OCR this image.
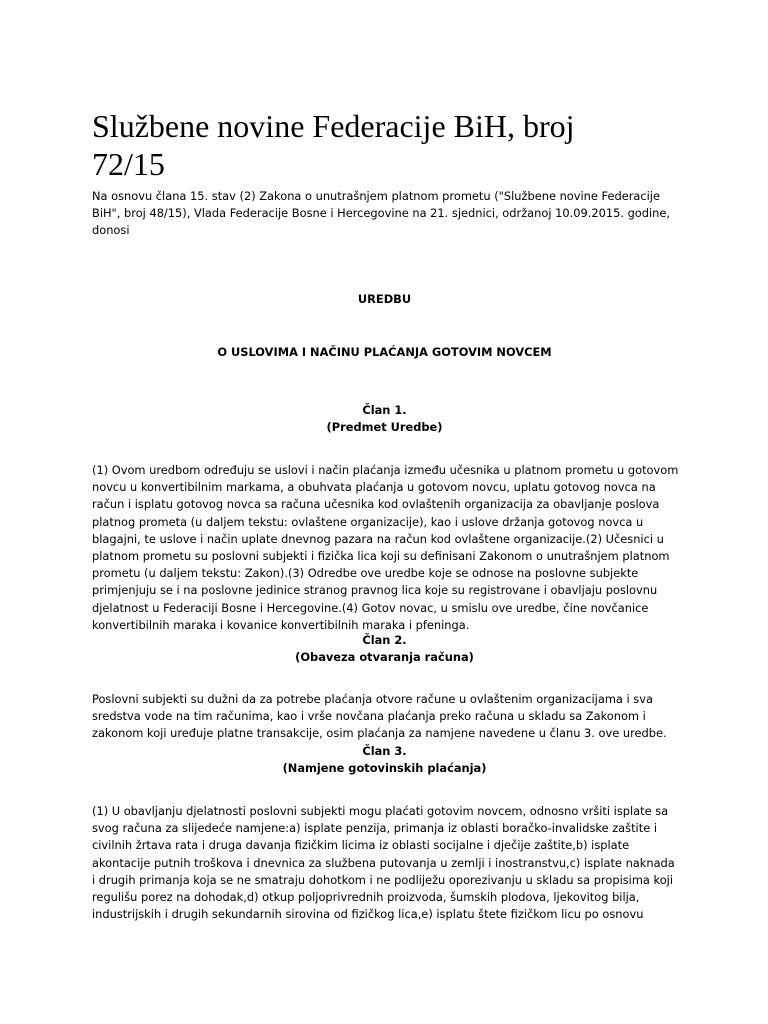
Službene novine Federacije BiH, broj 72/15

Na osnovu člana 15. stav (2) Zakona o unutrašnjem platnom prometu ("Službene novine Federacije BiH", broj 48/15), Vlada Federacije Bosne i Hercegovine na 21. sjednici, održanoj 10.09.2015. godine, donosi

UREDBU

O USLOVIMA I NAČINU PLAĆANJA GOTOVIM NOVCEM

Član 1.
(Predmet Uredbe)

(1) Ovom uredbom određuju se uslovi i način plaćanja između učesnika u platnom prometu u gotovom novcu u konvertibilnim markama, a obuhvata plaćanja u gotovom novcu, uplatu gotovog novca na račun i isplatu gotovog novca sa računa učesnika kod ovlaštenih organizacija za obavljanje poslova platnog prometa (u daljem tekstu: ovlaštene organizacije), kao i uslove držanja gotovog novca u blagajni, te uslove i način uplate dnevnog pazara na račun kod ovlaštene organizacije.(2) Učesnici u platnom prometu su poslovni subjekti i fizička lica koji su definisani Zakonom o unutrašnjem platnom prometu (u daljem tekstu: Zakon).(3) Odredbe ove uredbe koje se odnose na poslovne subjekte primjenjuju se i na poslovne jedinice stranog pravnog lica koje su registrovane i obavljaju poslovnu djelatnost u Federaciji Bosne i Hercegovine.(4) Gotov novac, u smislu ove uredbe, čine novčanice konvertibilnih maraka i kovanice konvertibilnih maraka i pfeninga.

Član 2.
(Obaveza otvaranja računa)

Poslovni subjekti su dužni da za potrebe plaćanja otvore račune u ovlaštenim organizacijama i sva sredstva vode na tim računima, kao i vrše novčana plaćanja preko računa u skladu sa Zakonom i zakonom koji uređuje platne transakcije, osim plaćanja za namjene navedene u članu 3. ove uredbe.

Član 3.
(Namjene gotovinskih plaćanja)

(1) U obavljanju djelatnosti poslovni subjekti mogu plaćati gotovim novcem, odnosno vršiti isplate sa svog računa za slijedeće namjene:a) isplate penzija, primanja iz oblasti boračko-invalidske zaštite i civilnih žrtava rata i druga davanja fizičkim licima iz oblasti socijalne i dječije zaštite,b) isplate akontacije putnih troškova i dnevnica za službena putovanja u zemlji i inostranstvu,c) isplate naknada i drugih primanja koja se ne smatraju dohotkom i ne podliježu oporezivanju u skladu sa propisima koji regulišu porez na dohodak,d) otkup poljoprivrednih proizvoda, šumskih plodova, ljekovitog bilja, industrijskih i drugih sekundarnih sirovina od fizičkog lica,e) isplatu štete fizičkom licu po osnovu
